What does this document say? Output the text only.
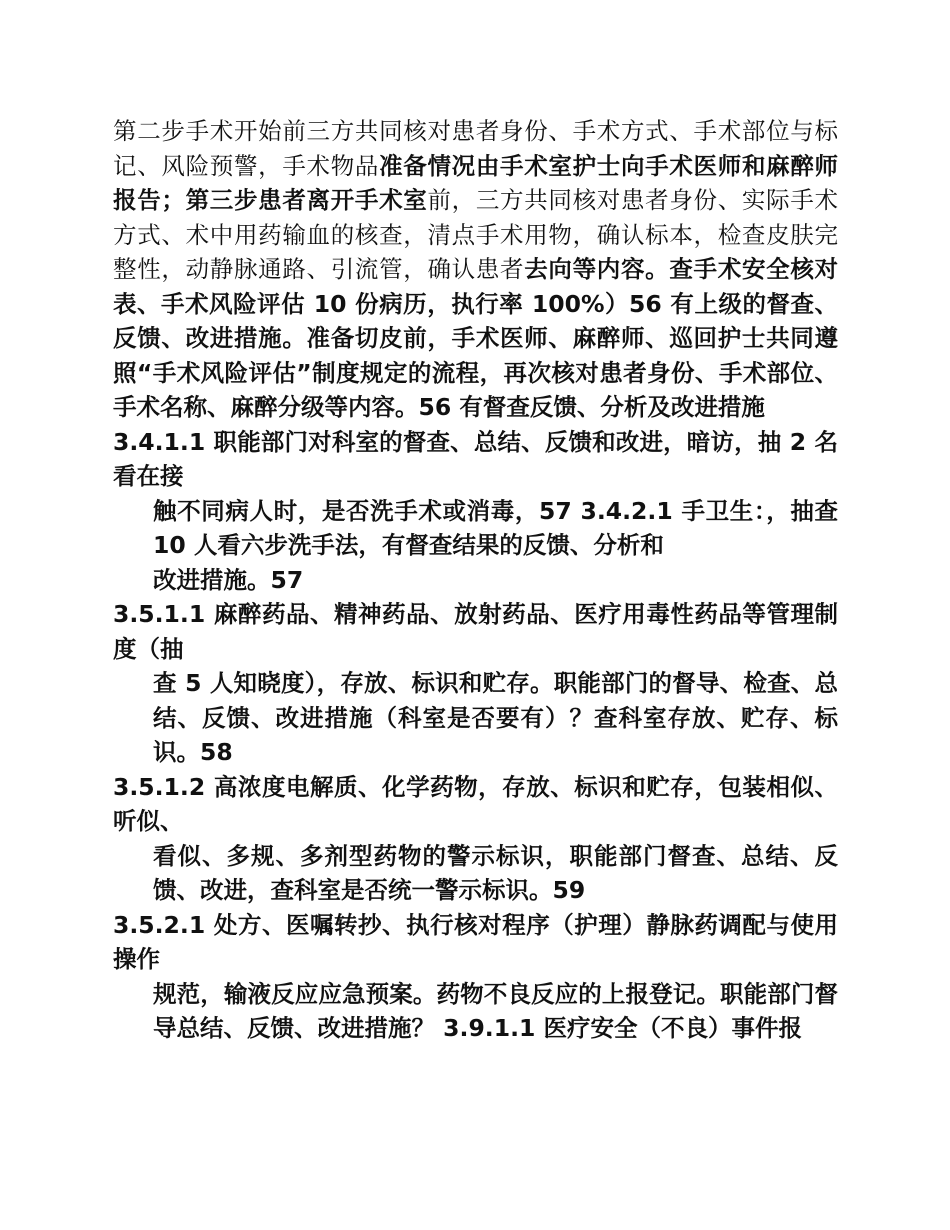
第二步手术开始前三方共同核对患者身份、手术方式、手术部位与标记、风险预警，手术物品准备情况由手术室护士向手术医师和麻醉师报告；第三步患者离开手术室前，三方共同核对患者身份、实际手术方式、术中用药输血的核查，清点手术用物，确认标本，检查皮肤完整性，动静脉通路、引流管，确认患者去向等内容。查手术安全核对表、手术风险评估 10 份病历，执行率 100%）56 有上级的督查、反馈、改进措施。准备切皮前，手术医师、麻醉师、巡回护士共同遵照“手术风险评估”制度规定的流程，再次核对患者身份、手术部位、手术名称、麻醉分级等内容。56 有督查反馈、分析及改进措施

3.4.1.1 职能部门对科室的督查、总结、反馈和改进，暗访，抽 2 名看在接

触不同病人时，是否洗手术或消毒，57 3.4.2.1 手卫生：，抽查 10 人看六步洗手法，有督查结果的反馈、分析和

改进措施。57

3.5.1.1 麻醉药品、精神药品、放射药品、医疗用毒性药品等管理制度（抽

查 5 人知晓度），存放、标识和贮存。职能部门的督导、检查、总结、反馈、改进措施（科室是否要有）？查科室存放、贮存、标识。58

3.5.1.2 高浓度电解质、化学药物，存放、标识和贮存，包装相似、听似、

看似、多规、多剂型药物的警示标识，职能部门督查、总结、反馈、改进，查科室是否统一警示标识。59

3.5.2.1 处方、医嘱转抄、执行核对程序（护理）静脉药调配与使用操作

规范，输液反应应急预案。药物不良反应的上报登记。职能部门督导总结、反馈、改进措施？ 3.9.1.1 医疗安全（不良）事件报
